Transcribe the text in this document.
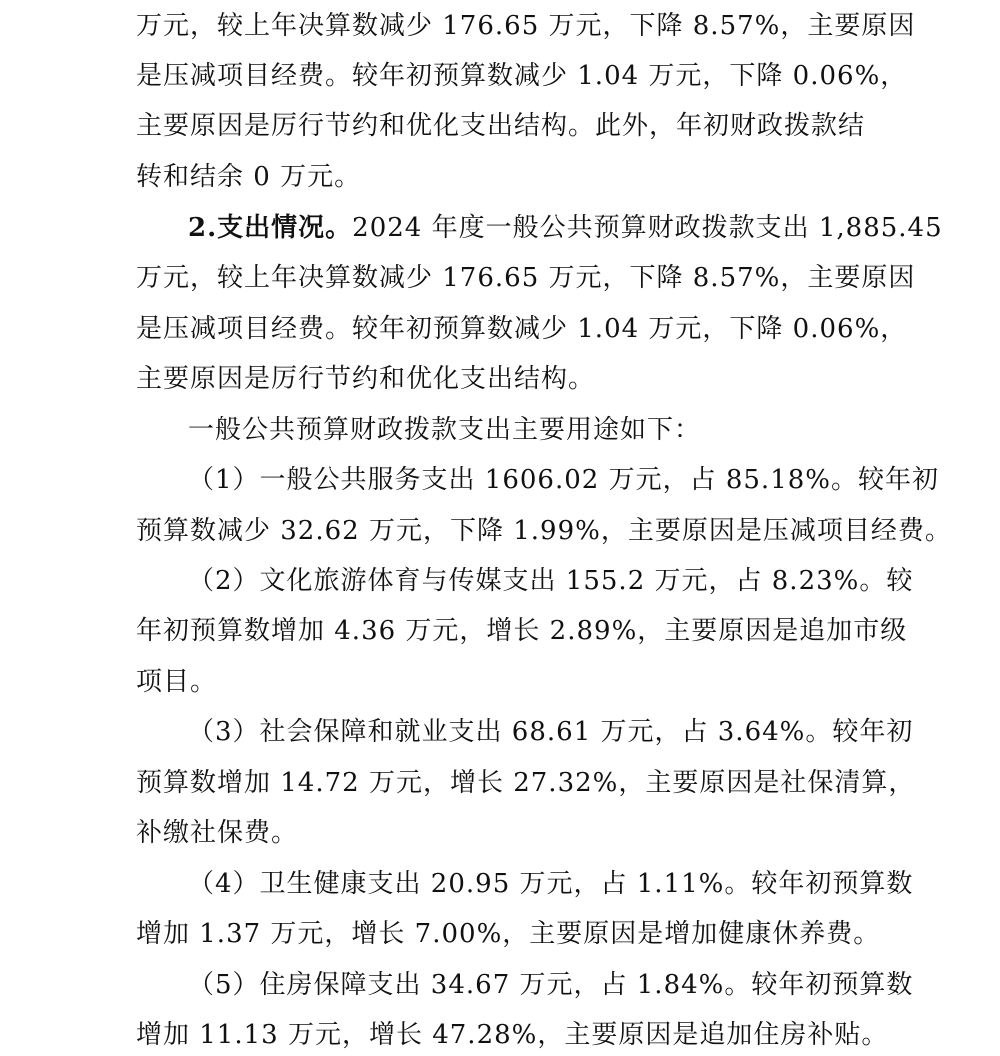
万元，较上年决算数减少 176.65 万元，下降 8.57%，主要原因
是压减项目经费。较年初预算数减少 1.04 万元，下降 0.06%，
主要原因是厉行节约和优化支出结构。此外，年初财政拨款结
转和结余 0 万元。
2.支出情况。2024 年度一般公共预算财政拨款支出 1,885.45
万元，较上年决算数减少 176.65 万元，下降 8.57%，主要原因
是压减项目经费。较年初预算数减少 1.04 万元，下降 0.06%，
主要原因是厉行节约和优化支出结构。
一般公共预算财政拨款支出主要用途如下：
（1）一般公共服务支出 1606.02 万元，占 85.18%。较年初
预算数减少 32.62 万元，下降 1.99%，主要原因是压减项目经费。
（2）文化旅游体育与传媒支出 155.2 万元，占 8.23%。较
年初预算数增加 4.36 万元，增长 2.89%，主要原因是追加市级
项目。
（3）社会保障和就业支出 68.61 万元，占 3.64%。较年初
预算数增加 14.72 万元，增长 27.32%，主要原因是社保清算，
补缴社保费。
（4）卫生健康支出 20.95 万元，占 1.11%。较年初预算数
增加 1.37 万元，增长 7.00%，主要原因是增加健康休养费。
（5）住房保障支出 34.67 万元，占 1.84%。较年初预算数
增加 11.13 万元，增长 47.28%，主要原因是追加住房补贴。
